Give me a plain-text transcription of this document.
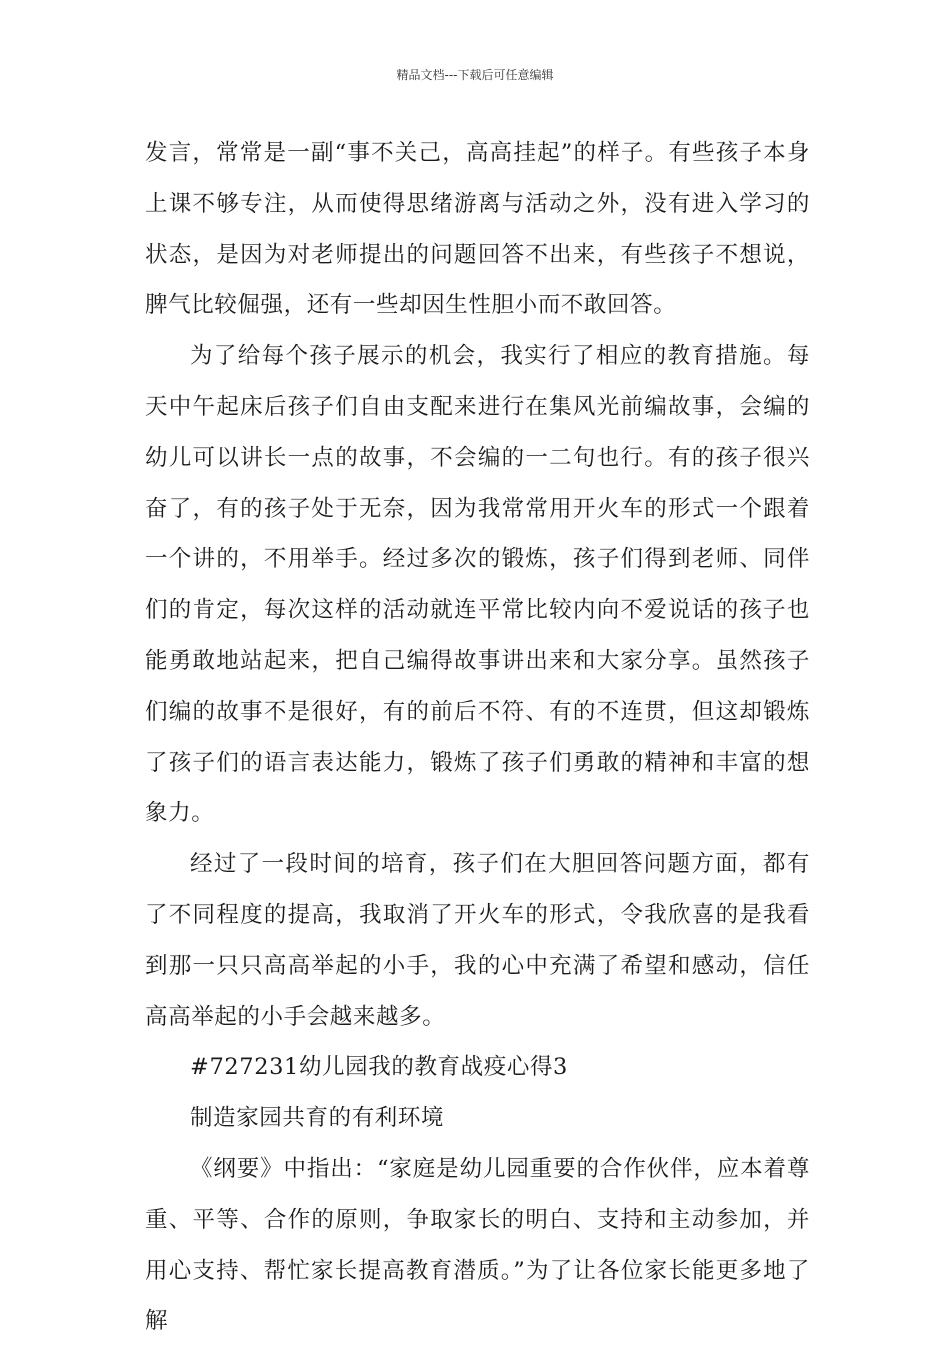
精品文档---下载后可任意编辑

发言，常常是一副“事不关己，高高挂起”的样子。有些孩子本身上课不够专注，从而使得思绪游离与活动之外，没有进入学习的状态，是因为对老师提出的问题回答不出来，有些孩子不想说，脾气比较倔强，还有一些却因生性胆小而不敢回答。

为了给每个孩子展示的机会，我实行了相应的教育措施。每天中午起床后孩子们自由支配来进行在集风光前编故事，会编的幼儿可以讲长一点的故事，不会编的一二句也行。有的孩子很兴奋了，有的孩子处于无奈，因为我常常用开火车的形式一个跟着一个讲的，不用举手。经过多次的锻炼，孩子们得到老师、同伴们的肯定，每次这样的活动就连平常比较内向不爱说话的孩子也能勇敢地站起来，把自己编得故事讲出来和大家分享。虽然孩子们编的故事不是很好，有的前后不符、有的不连贯，但这却锻炼了孩子们的语言表达能力，锻炼了孩子们勇敢的精神和丰富的想象力。

经过了一段时间的培育，孩子们在大胆回答问题方面，都有了不同程度的提高，我取消了开火车的形式，令我欣喜的是我看到那一只只高高举起的小手，我的心中充满了希望和感动，信任高高举起的小手会越来越多。

#727231幼儿园我的教育战疫心得3

制造家园共育的有利环境

《纲要》中指出：“家庭是幼儿园重要的合作伙伴，应本着尊重、平等、合作的原则，争取家长的明白、支持和主动参加，并用心支持、帮忙家长提高教育潜质。”为了让各位家长能更多地了解
